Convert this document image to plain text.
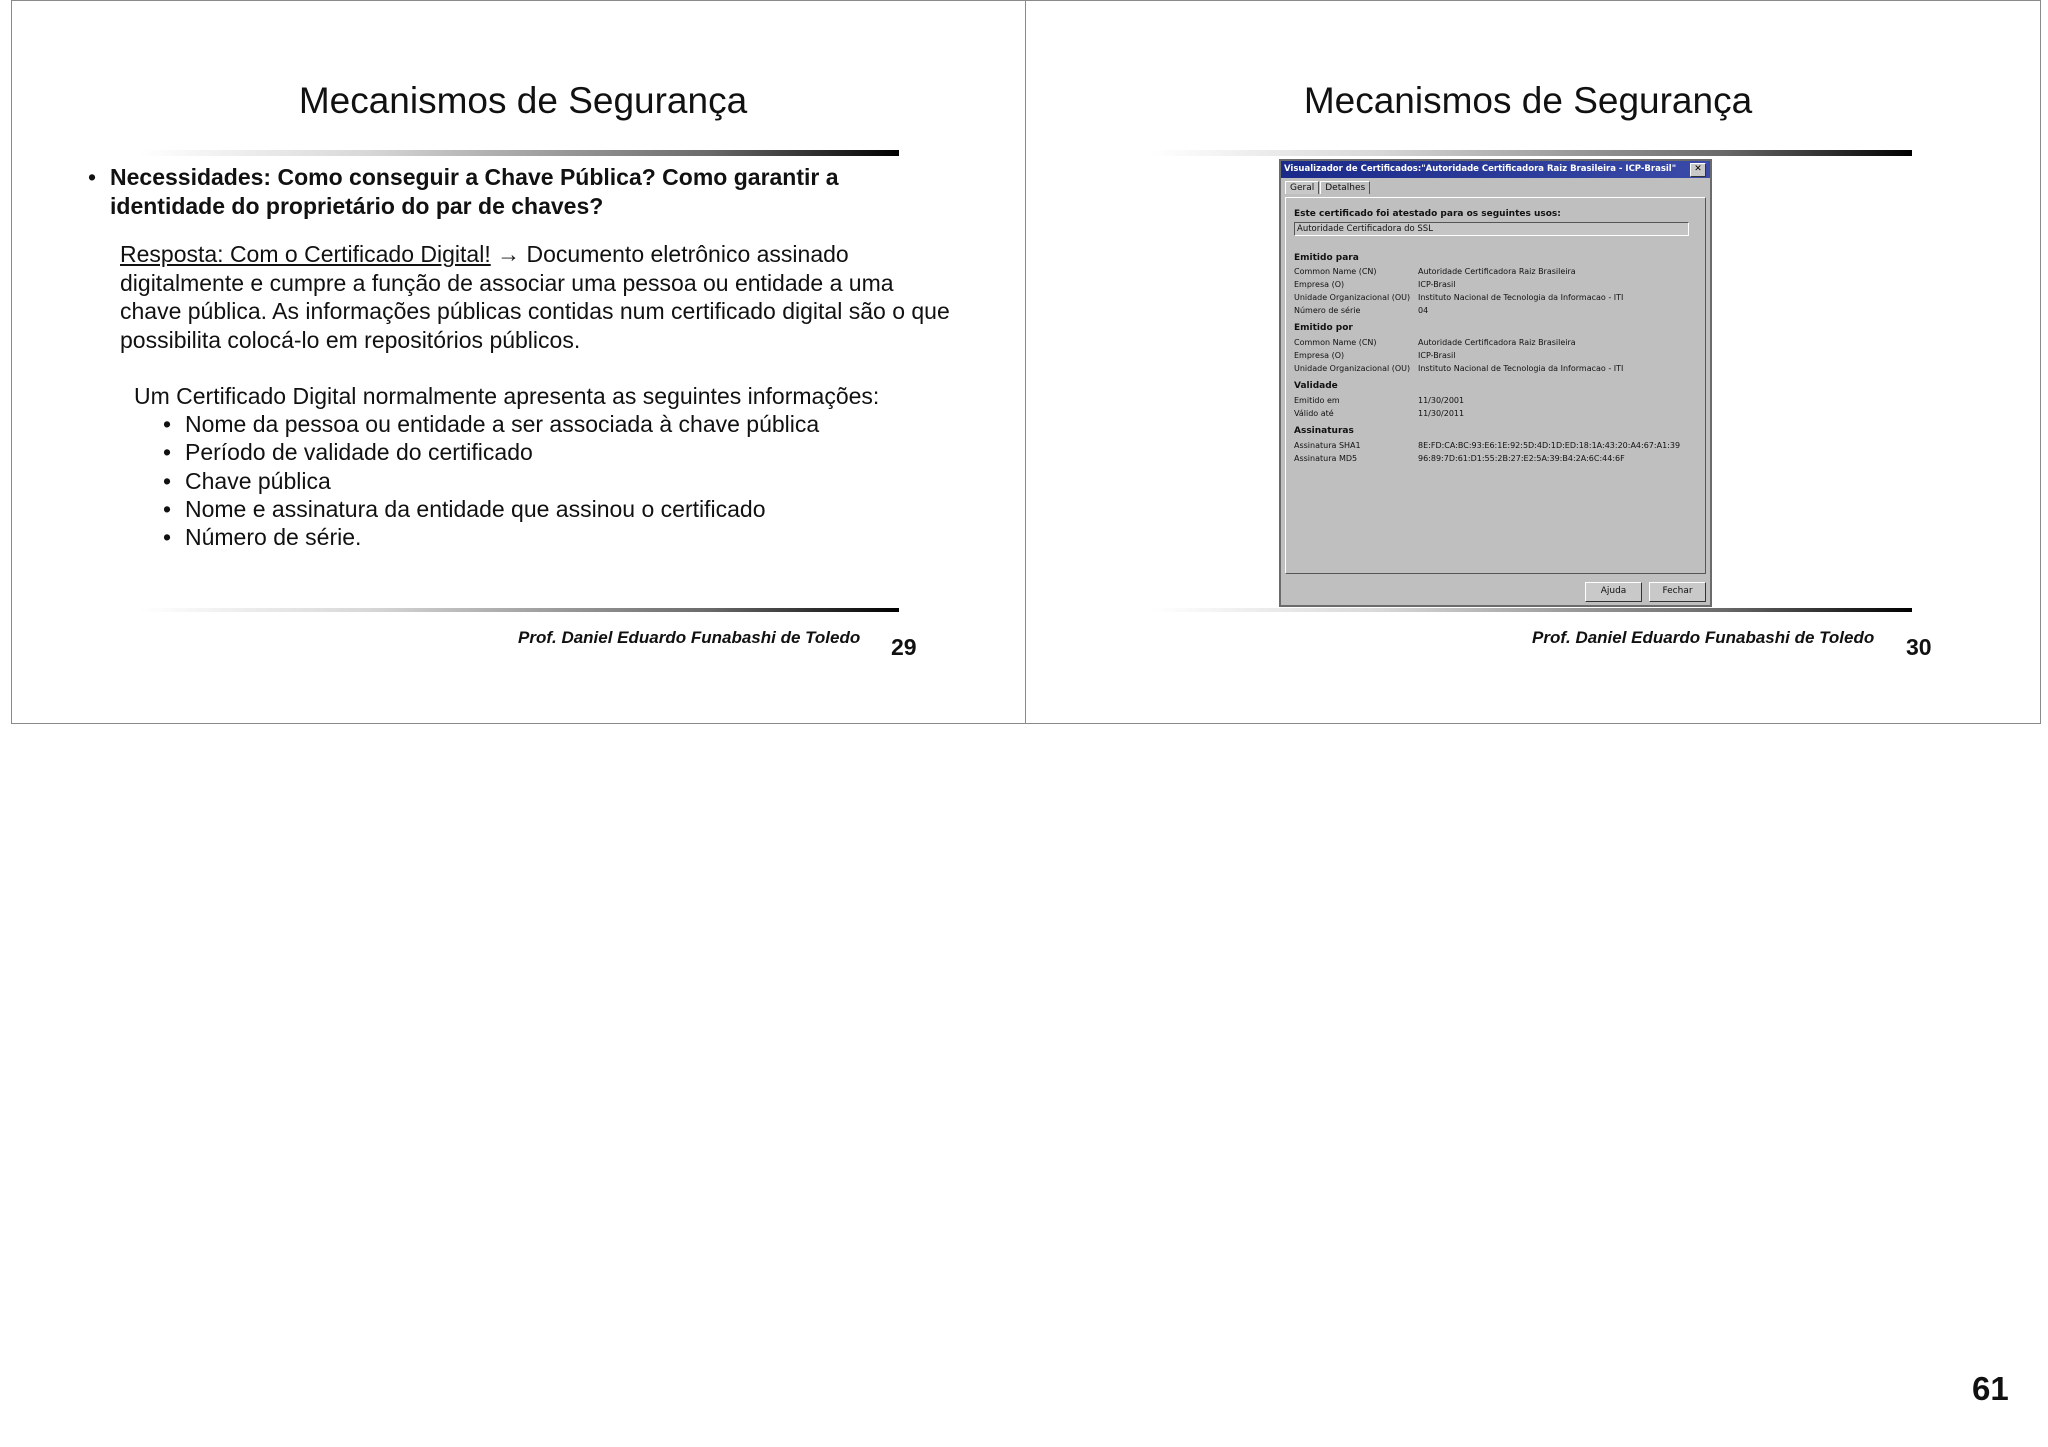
Mecanismos de Segurança
• Necessidades: Como conseguir a Chave Pública? Como garantir a identidade do proprietário do par de chaves?
Resposta: Com o Certificado Digital! → Documento eletrônico assinado digitalmente e cumpre a função de associar uma pessoa ou entidade a uma chave pública. As informações públicas contidas num certificado digital são o que possibilita colocá-lo em repositórios públicos.
Um Certificado Digital normalmente apresenta as seguintes informações:
• Nome da pessoa ou entidade a ser associada à chave pública
• Período de validade do certificado
• Chave pública
• Nome e assinatura da entidade que assinou o certificado
• Número de série.
Prof. Daniel Eduardo Funabashi de Toledo 29
Mecanismos de Segurança
Prof. Daniel Eduardo Funabashi de Toledo 30
Visualizador de Certificados:"Autoridade Certificadora Raiz Brasileira - ICP-Brasil"	✕
Geral	Detalhes
Este certificado foi atestado para os seguintes usos:
Autoridade Certificadora do SSL
Emitido para
Common Name (CN)	Autoridade Certificadora Raiz Brasileira
Empresa (O)	ICP-Brasil
Unidade Organizacional (OU) Instituto Nacional de Tecnologia da Informacao - ITI
Número de série	04
Emitido por
Common Name (CN)	Autoridade Certificadora Raiz Brasileira
Empresa (O)	ICP-Brasil
Unidade Organizacional (OU) Instituto Nacional de Tecnologia da Informacao - ITI
Validade
Emitido em	11/30/2001
Válido até	11/30/2011
Assinaturas
Assinatura SHA1	8E:FD:CA:BC:93:E6:1E:92:5D:4D:1D:ED:18:1A:43:20:A4:67:A1:39
Assinatura MD5	96:89:7D:61:D1:55:2B:27:E2:5A:39:B4:2A:6C:44:6F
Ajuda	Fechar
61
